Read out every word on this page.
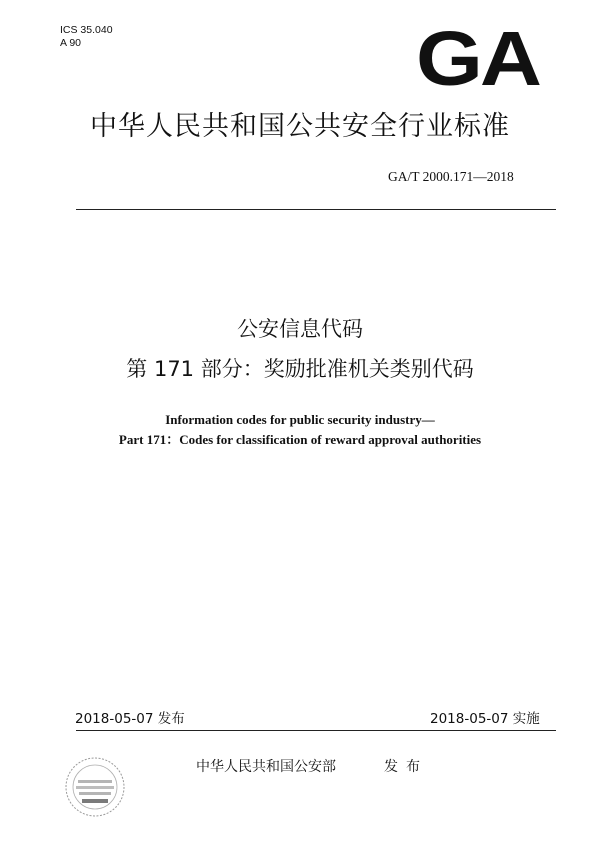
ICS 35.040
A 90	GA
中华人民共和国公共安全行业标准
GA/T 2000.171—2018
公安信息代码
第 171 部分：奖励批准机关类别代码
Information codes for public security industry—
Part 171：Codes for classification of reward approval authorities
2018-05-07 发布	2018-05-07 实施
中华人民共和国公安部	发布
